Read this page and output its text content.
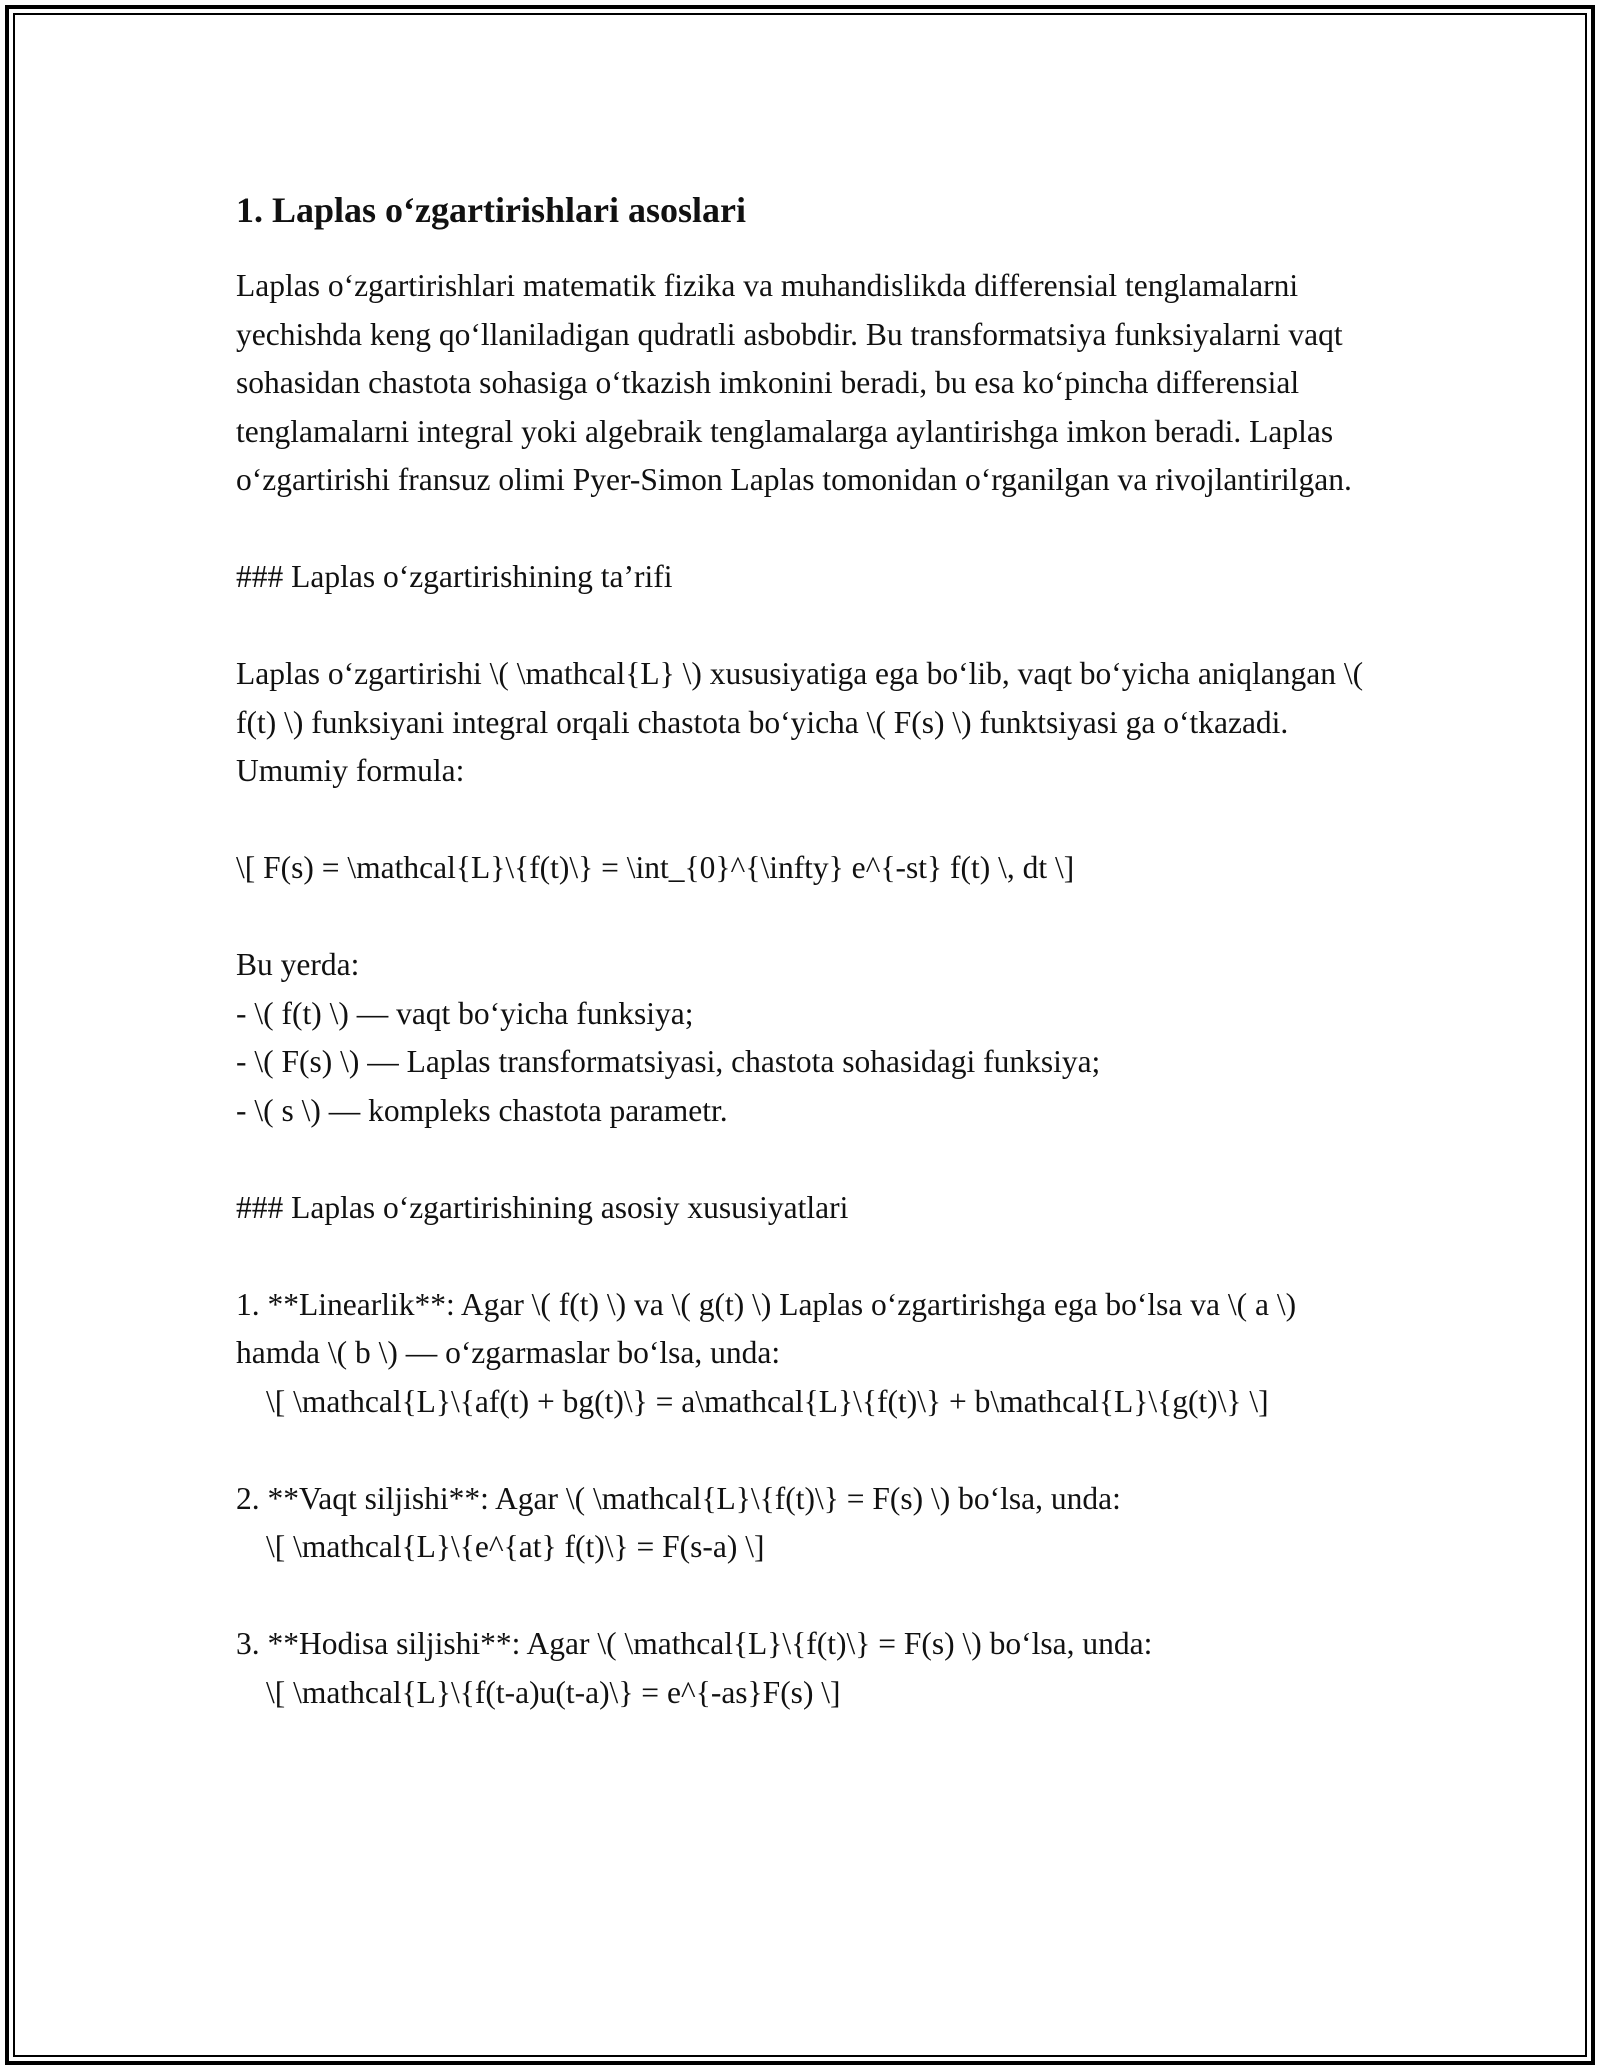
1. Laplas o‘zgartirishlari asoslari

Laplas o‘zgartirishlari matematik fizika va muhandislikda differensial tenglamalarni yechishda keng qo‘llaniladigan qudratli asbobdir. Bu transformatsiya funksiyalarni vaqt sohasidan chastota sohasiga o‘tkazish imkonini beradi, bu esa ko‘pincha differensial tenglamalarni integral yoki algebraik tenglamalarga aylantirishga imkon beradi. Laplas o‘zgartirishi fransuz olimi Pyer-Simon Laplas tomonidan o‘rganilgan va rivojlantirilgan.

### Laplas o‘zgartirishining ta’rifi

Laplas o‘zgartirishi \( \mathcal{L} \) xususiyatiga ega bo‘lib, vaqt bo‘yicha aniqlangan \( f(t) \) funksiyani integral orqali chastota bo‘yicha \( F(s) \) funktsiyasi ga o‘tkazadi. Umumiy formula:

\[ F(s) = \mathcal{L}\{f(t)\} = \int_{0}^{\infty} e^{-st} f(t) \, dt \]

Bu yerda:

- \( f(t) \) — vaqt bo‘yicha funksiya;

- \( F(s) \) — Laplas transformatsiyasi, chastota sohasidagi funksiya;

- \( s \) — kompleks chastota parametr.

### Laplas o‘zgartirishining asosiy xususiyatlari

1. **Linearlik**: Agar \( f(t) \) va \( g(t) \) Laplas o‘zgartirishga ega bo‘lsa va \( a \) hamda \( b \) — o‘zgarmaslar bo‘lsa, unda:

\[ \mathcal{L}\{af(t) + bg(t)\} = a\mathcal{L}\{f(t)\} + b\mathcal{L}\{g(t)\} \]

2. **Vaqt siljishi**: Agar \( \mathcal{L}\{f(t)\} = F(s) \) bo‘lsa, unda:

\[ \mathcal{L}\{e^{at} f(t)\} = F(s-a) \]

3. **Hodisa siljishi**: Agar \( \mathcal{L}\{f(t)\} = F(s) \) bo‘lsa, unda:

\[ \mathcal{L}\{f(t-a)u(t-a)\} = e^{-as}F(s) \]
